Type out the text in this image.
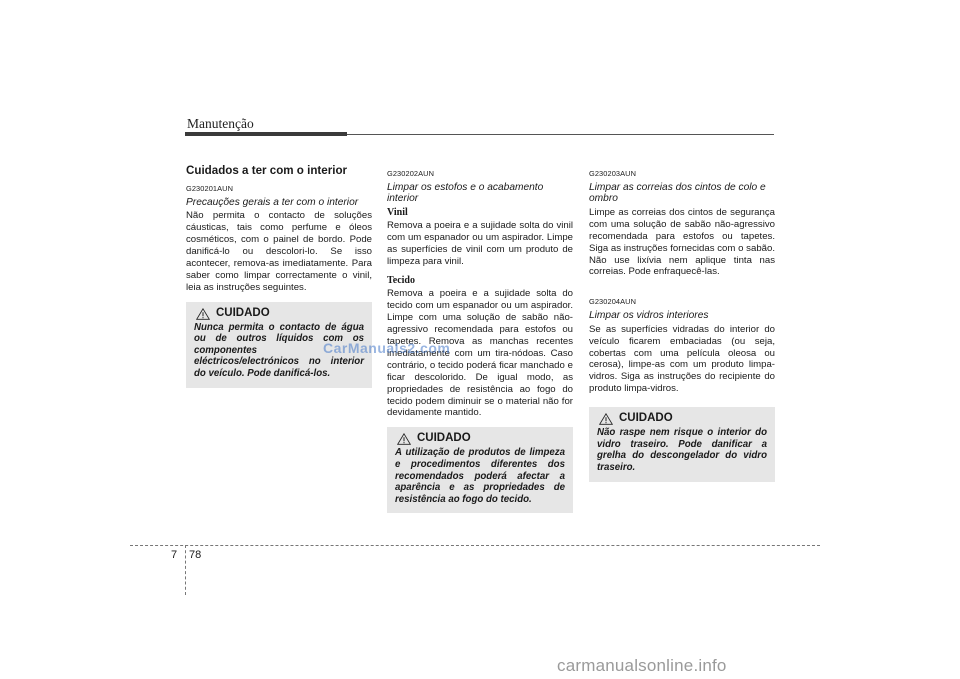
Manutenção
Cuidados a ter com o interior
G230201AUN
Precauções gerais a ter com o interior
Não permita o contacto de soluções cáusticas, tais como perfume e óleos cosméticos, com o painel de bordo. Pode danificá-lo ou descolori-lo. Se isso acontecer, remova-as imediatamente. Para saber como limpar correctamente o vinil, leia as instruções seguintes.
CUIDADO
Nunca permita o contacto de água ou de outros líquidos com os componentes eléctricos/electrónicos no interior do veículo. Pode danificá-los.
G230202AUN
Limpar os estofos e o acabamento interior
Vinil
Remova a poeira e a sujidade solta do vinil com um espanador ou um aspirador. Limpe as superfícies de vinil com um produto de limpeza para vinil.
Tecido
Remova a poeira e a sujidade solta do tecido com um espanador ou um aspirador. Limpe com uma solução de sabão não-agressivo recomendada para estofos ou tapetes. Remova as manchas recentes imediatamente com um tira-nódoas. Caso contrário, o tecido poderá ficar manchado e ficar descolorido. De igual modo, as propriedades de resistência ao fogo do tecido podem diminuir se o material não for devidamente mantido.
CUIDADO
A utilização de produtos de limpeza e procedimentos diferentes dos recomendados poderá afectar a aparência e as propriedades de resistência ao fogo do tecido.
G230203AUN
Limpar as correias dos cintos de colo e ombro
Limpe as correias dos cintos de segurança com uma solução de sabão não-agressivo recomendada para estofos ou tapetes. Siga as instruções fornecidas com o sabão. Não use lixívia nem aplique tinta nas correias. Pode enfraquecê-las.
G230204AUN
Limpar os vidros interiores
Se as superfícies vidradas do interior do veículo ficarem embaciadas (ou seja, cobertas com uma película oleosa ou cerosa), limpe-as com um produto limpa-vidros. Siga as instruções do recipiente do produto limpa-vidros.
CUIDADO
Não raspe nem risque o interior do vidro traseiro. Pode danificar a grelha do descongelador do vidro traseiro.
7 78
CarManuals2.com
carmanualsonline.info
